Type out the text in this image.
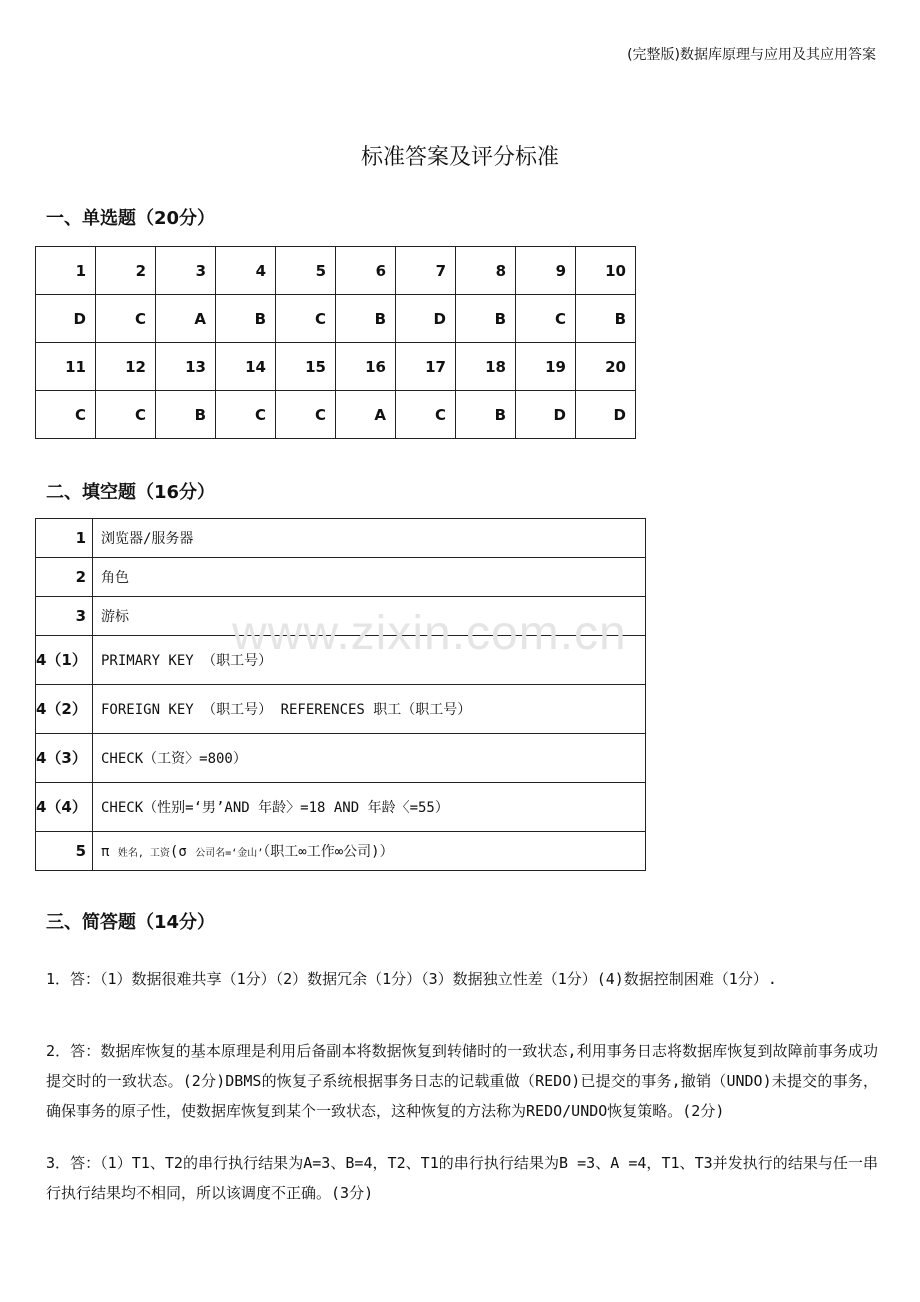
(完整版)数据库原理与应用及其应用答案
标准答案及评分标准
一、单选题（20分）
1	2	3	4	5	6	7	8	9	10
D	C	A	B	C	B	D	B	C	B
11	12	13	14	15	16	17	18	19	20
C	C	B	C	C	A	C	B	D	D
二、填空题（16分）
1	浏览器/服务器
2	角色
3	游标
4（1）	PRIMARY KEY （职工号）
4（2）	FOREIGN KEY （职工号） REFERENCES 职工（职工号）
4（3）	CHECK（工资〉=800）
4（4）	CHECK（性别=‘男’AND 年龄〉=18 AND 年龄〈=55）
5	π 姓名, 工资(σ 公司名=‘金山’（职工∞工作∞公司)）
www.zixin.com.cn
三、简答题（14分）
1．答：（1）数据很难共享（1分）（2）数据冗余（1分）（3）数据独立性差（1分）(4)数据控制困难（1分）.
2．答：数据库恢复的基本原理是利用后备副本将数据恢复到转储时的一致状态,利用事务日志将数据库恢复到故障前事务成功提交时的一致状态。(2分)DBMS的恢复子系统根据事务日志的记载重做（REDO)已提交的事务,撤销（UNDO)未提交的事务，确保事务的原子性，使数据库恢复到某个一致状态，这种恢复的方法称为REDO/UNDO恢复策略。(2分)
3．答：（1）T1、T2的串行执行结果为A=3、B=4，T2、T1的串行执行结果为B =3、A =4，T1、T3并发执行的结果与任一串行执行结果均不相同，所以该调度不正确。(3分)
